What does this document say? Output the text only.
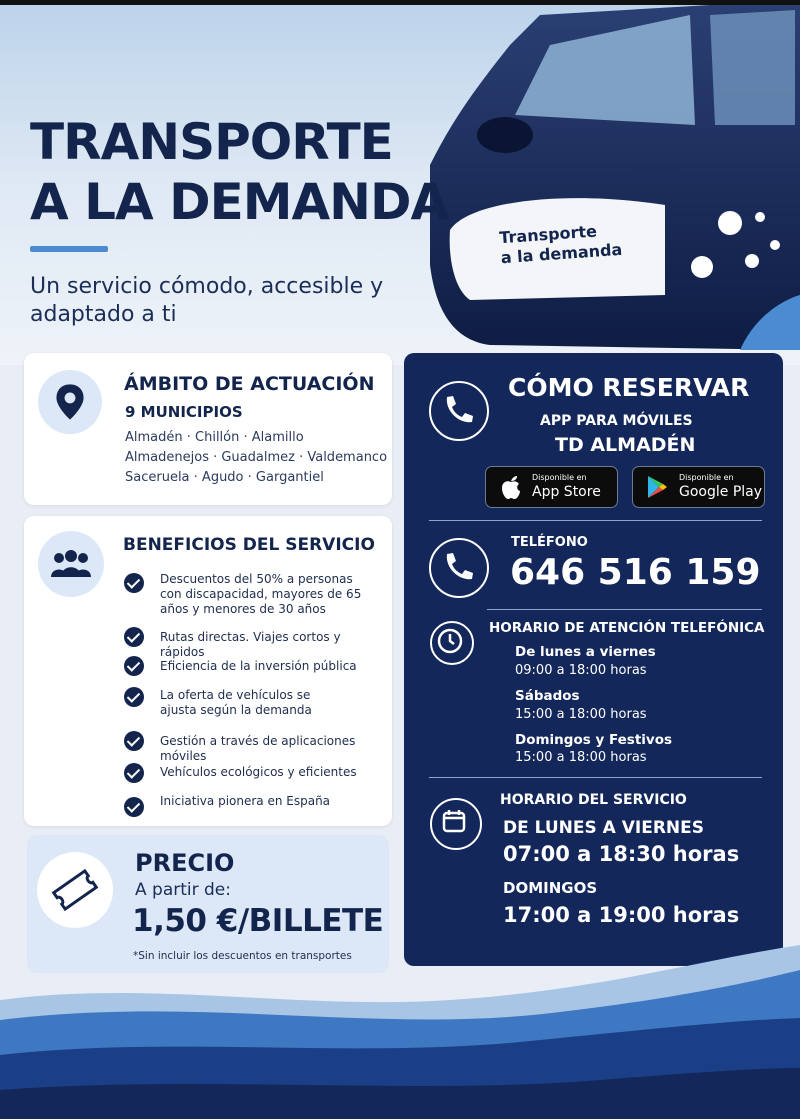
Transporte
a la demanda
TRANSPORTE
A LA DEMANDA
Un servicio cómodo, accesible y adaptado a ti
ÁMBITO DE ACTUACIÓN
9 MUNICIPIOS
Almadén · Chillón · Alamillo
Almadenejos · Guadalmez · Valdemanco
Saceruela · Agudo · Gargantiel
BENEFICIOS DEL SERVICIO
Descuentos del 50% a personas con discapacidad, mayores de 65 años y menores de 30 años
Rutas directas. Viajes cortos y rápidos
Eficiencia de la inversión pública
La oferta de vehículos se ajusta según la demanda
Gestión a través de aplicaciones móviles
Vehículos ecológicos y eficientes
Iniciativa pionera en España
PRECIO
A partir de:
1,50 €/BILLETE
*Sin incluir los descuentos en transportes
CÓMO RESERVAR
APP PARA MÓVILES
TD ALMADÉN
Disponible en
App Store
Disponible en
Google Play
TELÉFONO
646 516 159
HORARIO DE ATENCIÓN TELEFÓNICA
De lunes a viernes
09:00 a 18:00 horas
Sábados
15:00 a 18:00 horas
Domingos y Festivos
15:00 a 18:00 horas
HORARIO DEL SERVICIO
DE LUNES A VIERNES
07:00 a 18:30 horas
DOMINGOS
17:00 a 19:00 horas
